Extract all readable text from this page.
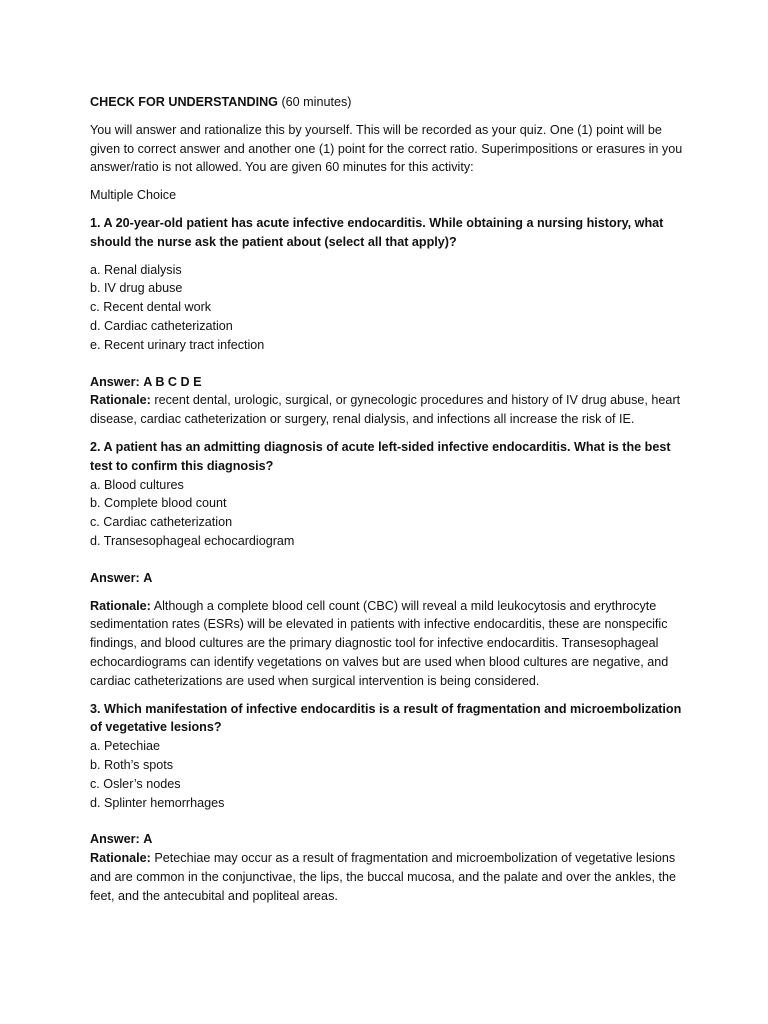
CHECK FOR UNDERSTANDING (60 minutes)

You will answer and rationalize this by yourself. This will be recorded as your quiz. One (1) point will be given to correct answer and another one (1) point for the correct ratio. Superimpositions or erasures in you answer/ratio is not allowed. You are given 60 minutes for this activity:

Multiple Choice

1. A 20-year-old patient has acute infective endocarditis. While obtaining a nursing history, what should the nurse ask the patient about (select all that apply)?

a. Renal dialysis

b. IV drug abuse

c. Recent dental work

d. Cardiac catheterization

e. Recent urinary tract infection

Answer: A B C D E

Rationale: recent dental, urologic, surgical, or gynecologic procedures and history of IV drug abuse, heart disease, cardiac catheterization or surgery, renal dialysis, and infections all increase the risk of IE.

2. A patient has an admitting diagnosis of acute left-sided infective endocarditis. What is the best test to confirm this diagnosis?

a. Blood cultures

b. Complete blood count

c. Cardiac catheterization

d. Transesophageal echocardiogram

Answer: A

Rationale: Although a complete blood cell count (CBC) will reveal a mild leukocytosis and erythrocyte sedimentation rates (ESRs) will be elevated in patients with infective endocarditis, these are nonspecific findings, and blood cultures are the primary diagnostic tool for infective endocarditis. Transesophageal echocardiograms can identify vegetations on valves but are used when blood cultures are negative, and cardiac catheterizations are used when surgical intervention is being considered.

3. Which manifestation of infective endocarditis is a result of fragmentation and microembolization of vegetative lesions?

a. Petechiae

b. Roth’s spots

c. Osler’s nodes

d. Splinter hemorrhages

Answer: A

Rationale: Petechiae may occur as a result of fragmentation and microembolization of vegetative lesions and are common in the conjunctivae, the lips, the buccal mucosa, and the palate and over the ankles, the feet, and the antecubital and popliteal areas.
